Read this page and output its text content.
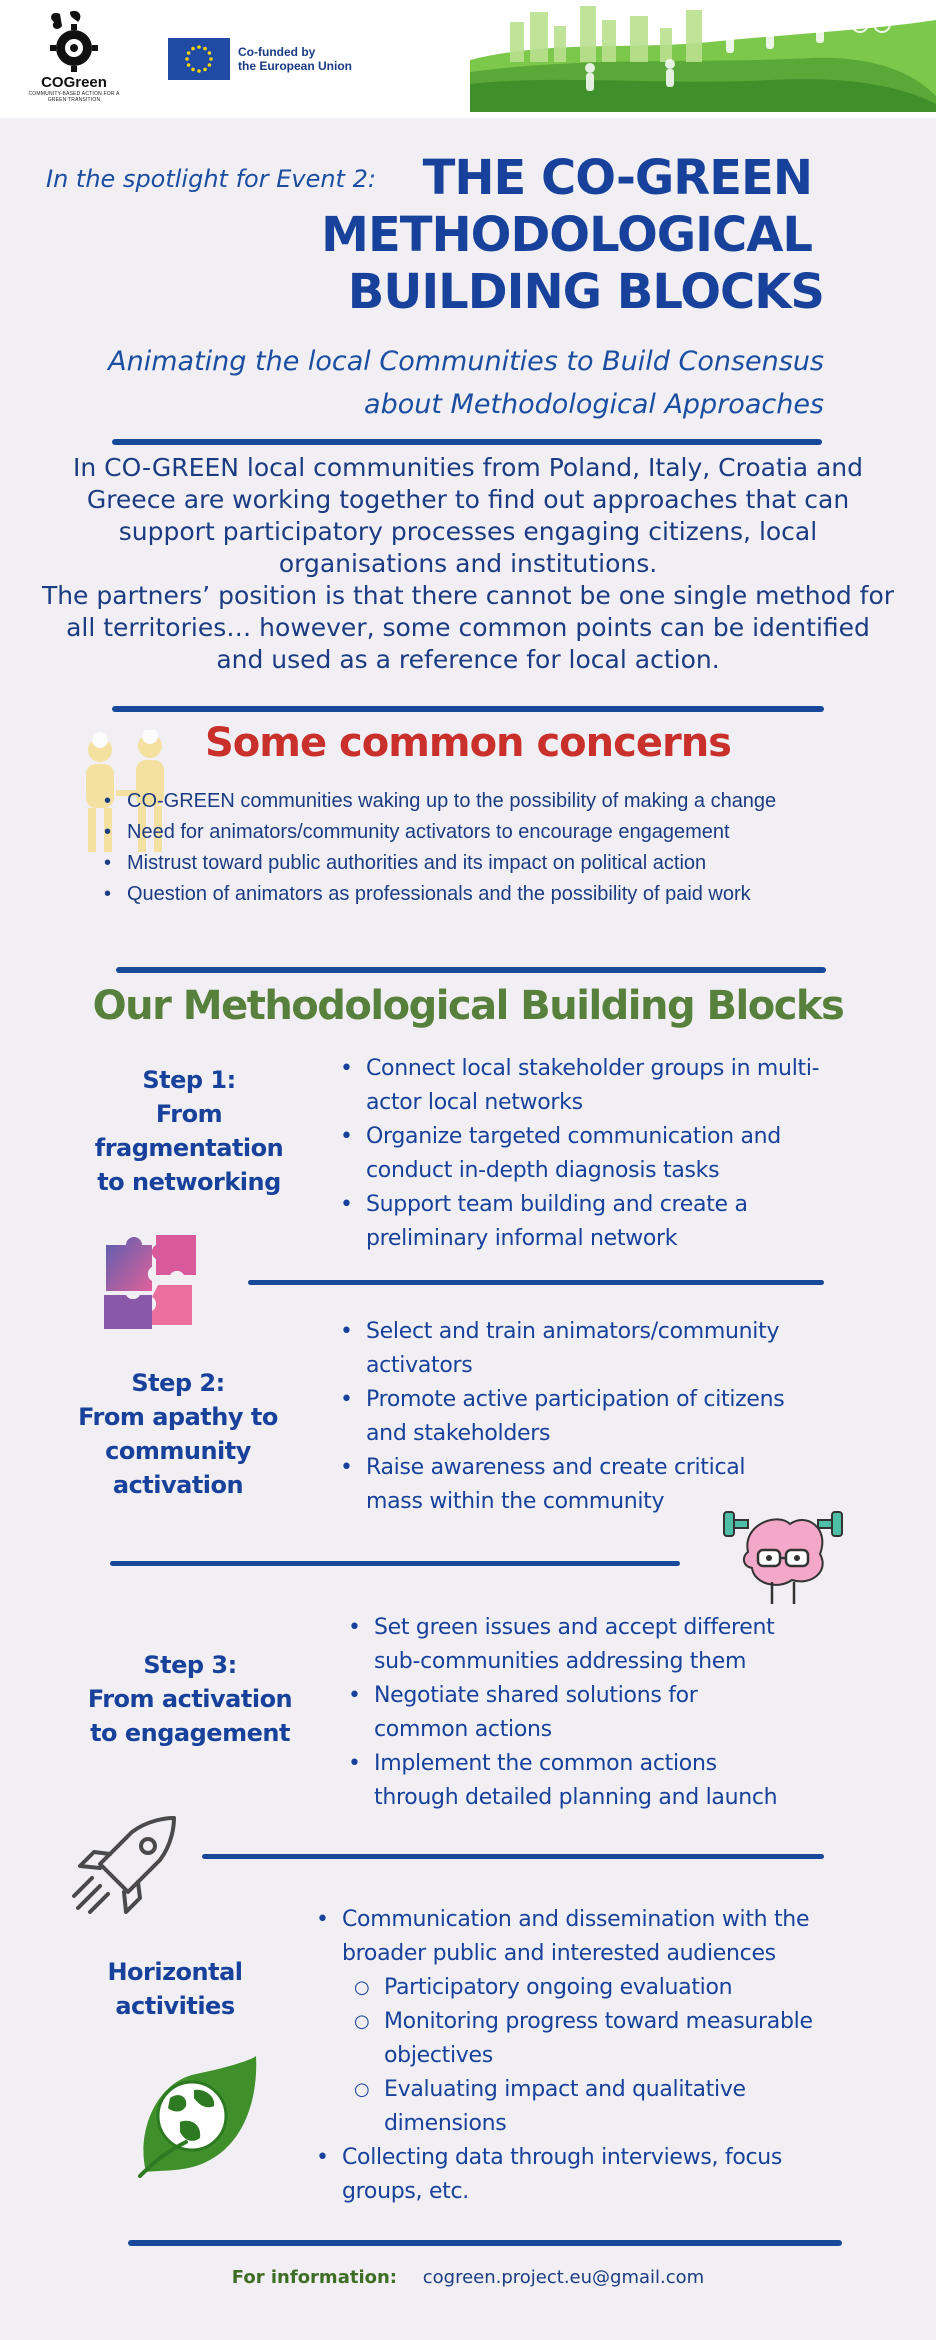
COGreen
COMMUNITY-BASED ACTION FOR A GREEN TRANSITION
Co-funded by
the European Union
In the spotlight for Event 2: THE CO-GREEN
METHODOLOGICAL
BUILDING BLOCKS
Animating the local Communities to Build Consensus
about Methodological Approaches

In CO-GREEN local communities from Poland, Italy, Croatia and Greece are working together to find out approaches that can support participatory processes engaging citizens, local organisations and institutions.

The partners’ position is that there cannot be one single method for all territories… however, some common points can be identified and used as a reference for local action.

Some common concerns
• CO-GREEN communities waking up to the possibility of making a change
• Need for animators/community activators to encourage engagement
• Mistrust toward public authorities and its impact on political action
• Question of animators as professionals and the possibility of paid work
Our Methodological Building Blocks
Step 1:
From fragmentation
to networking
• Connect local stakeholder groups in multi-
actor local networks
• Organize targeted communication and
conduct in-depth diagnosis tasks
• Support team building and create a
preliminary informal network
Step 2:
From apathy to
community
activation
• Select and train animators/community
activators
• Promote active participation of citizens
and stakeholders
• Raise awareness and create critical
mass within the community
Step 3:
From activation
to engagement
• Set green issues and accept different
sub-communities addressing them
• Negotiate shared solutions for
common actions
• Implement the common actions
through detailed planning and launch
Horizontal
activities
• Communication and dissemination with the
broader public and interested audiences
○ Participatory ongoing evaluation
○ Monitoring progress toward measurable
objectives
○ Evaluating impact and qualitative
dimensions
• Collecting data through interviews, focus
groups, etc.
For information: cogreen.project.eu@gmail.com
